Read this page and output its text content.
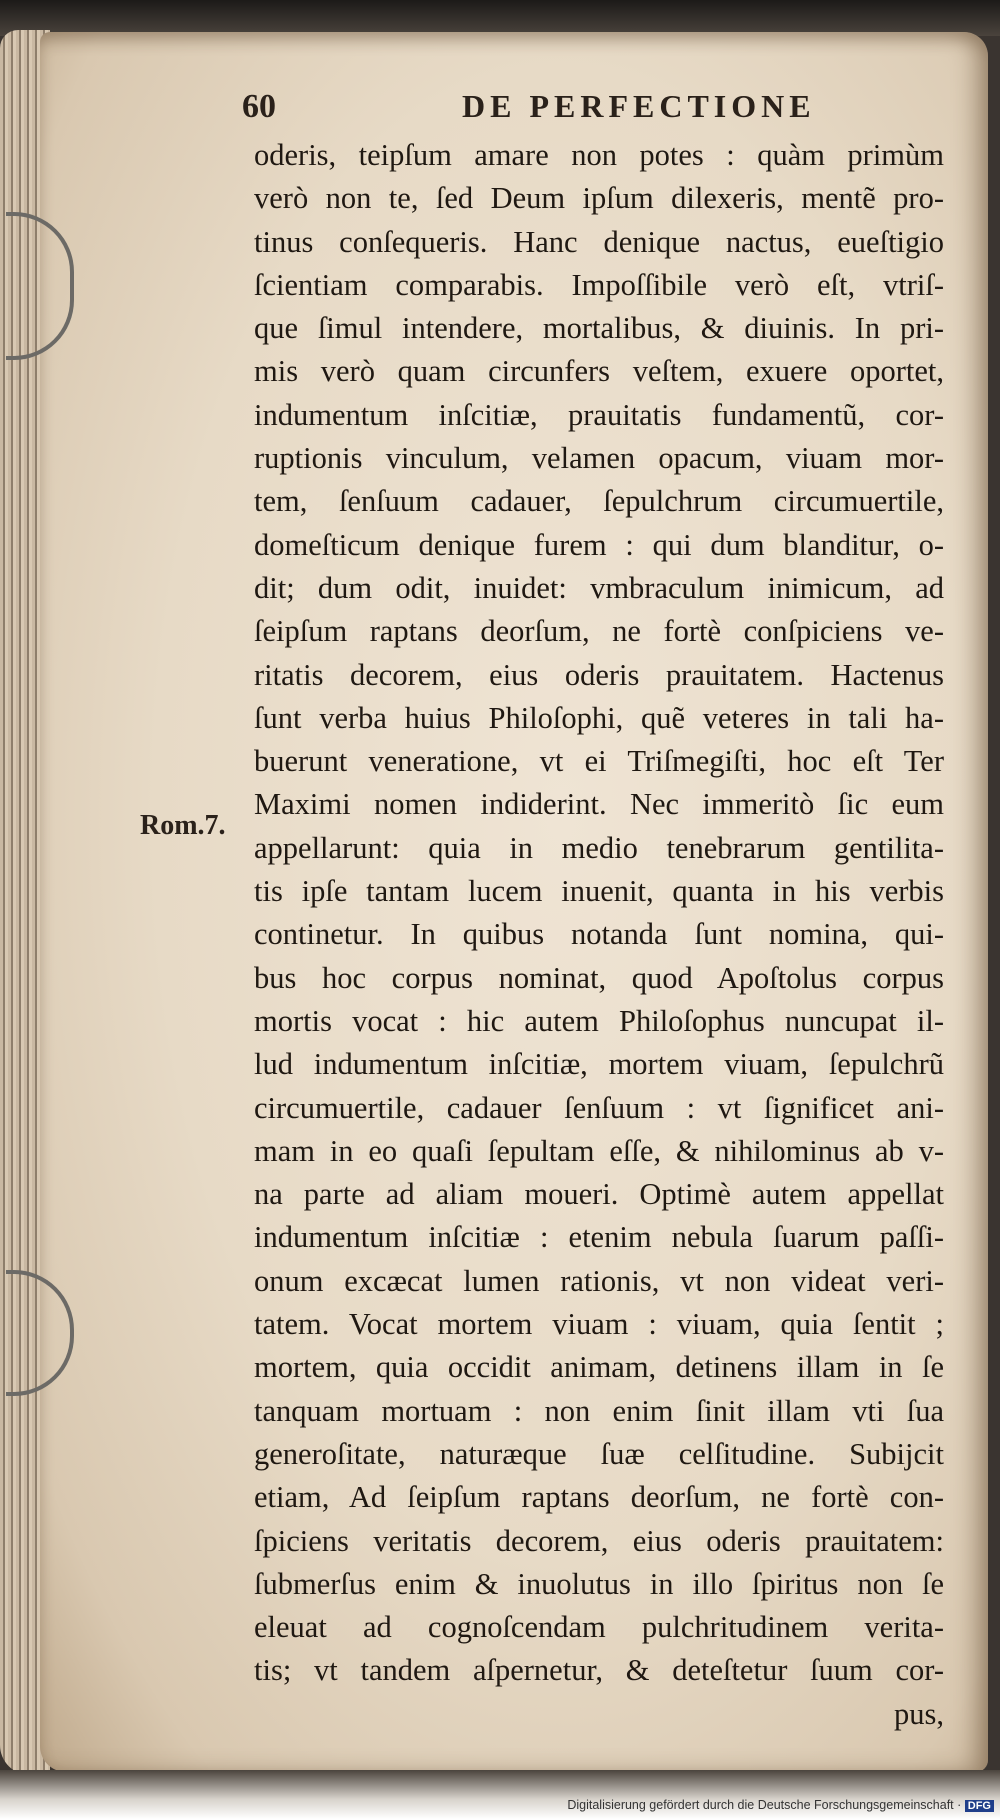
60	DE PERFECTIONE
Rom.7.
oderis, teipſum amare non potes : quàm primùm
verò non te, ſed Deum ipſum dilexeris, mentẽ pro-
tinus conſequeris. Hanc denique nactus, eueſtigio
ſcientiam comparabis. Impoſſibile verò eſt, vtriſ-
que ſimul intendere, mortalibus, & diuinis. In pri-
mis verò quam circunfers veſtem, exuere oportet,
indumentum inſcitiæ, prauitatis fundamentũ, cor-
ruptionis vinculum, velamen opacum, viuam mor-
tem, ſenſuum cadauer, ſepulchrum circumuertile,
domeſticum denique furem : qui dum blanditur, o-
dit; dum odit, inuidet: vmbraculum inimicum, ad
ſeipſum raptans deorſum, ne fortè conſpiciens ve-
ritatis decorem, eius oderis prauitatem. Hactenus
ſunt verba huius Philoſophi, quẽ veteres in tali ha-
buerunt veneratione, vt ei Triſmegiſti, hoc eſt Ter
Maximi nomen indiderint. Nec immeritò ſic eum
appellarunt: quia in medio tenebrarum gentilita-
tis ipſe tantam lucem inuenit, quanta in his verbis
continetur. In quibus notanda ſunt nomina, qui-
bus hoc corpus nominat, quod Apoſtolus corpus
mortis vocat : hic autem Philoſophus nuncupat il-
lud indumentum inſcitiæ, mortem viuam, ſepulchrũ
circumuertile, cadauer ſenſuum : vt ſignificet ani-
mam in eo quaſi ſepultam eſſe, & nihilominus ab v-
na parte ad aliam moueri. Optimè autem appellat
indumentum inſcitiæ : etenim nebula ſuarum paſſi-
onum excæcat lumen rationis, vt non videat veri-
tatem. Vocat mortem viuam : viuam, quia ſentit ;
mortem, quia occidit animam, detinens illam in ſe
tanquam mortuam : non enim ſinit illam vti ſua
generoſitate, naturæque ſuæ celſitudine. Subijcit
etiam, Ad ſeipſum raptans deorſum, ne fortè con-
ſpiciens veritatis decorem, eius oderis prauitatem:
ſubmerſus enim & inuolutus in illo ſpiritus non ſe
eleuat ad cognoſcendam pulchritudinem verita-
tis; vt tandem aſpernetur, & deteſtetur ſuum cor-
pus,
Digitalisierung gefördert durch die Deutsche Forschungsgemeinschaft · DFG
